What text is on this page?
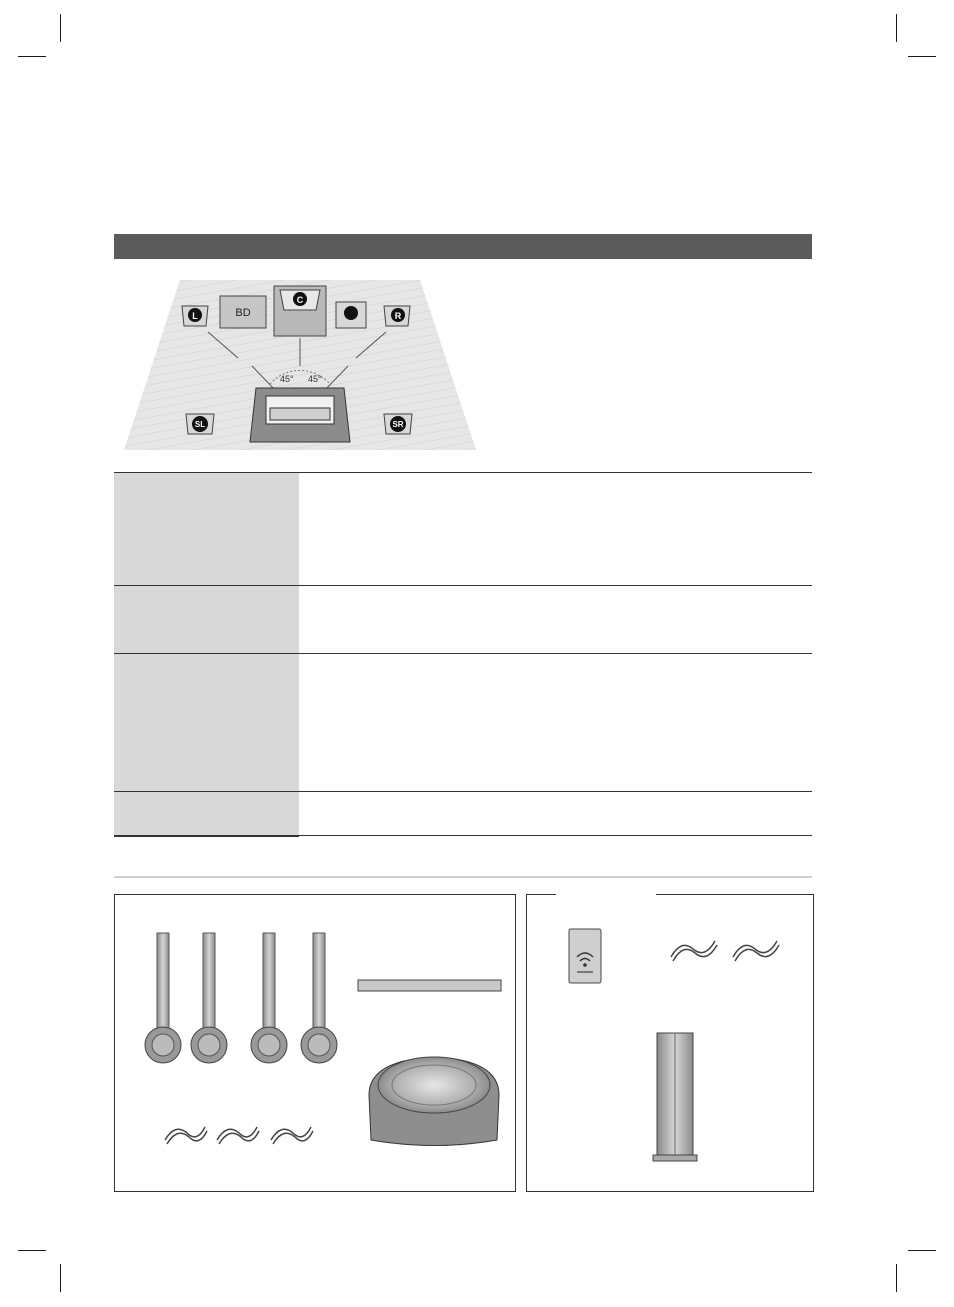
45° 45°
L	BD
C
R
SL	SR
